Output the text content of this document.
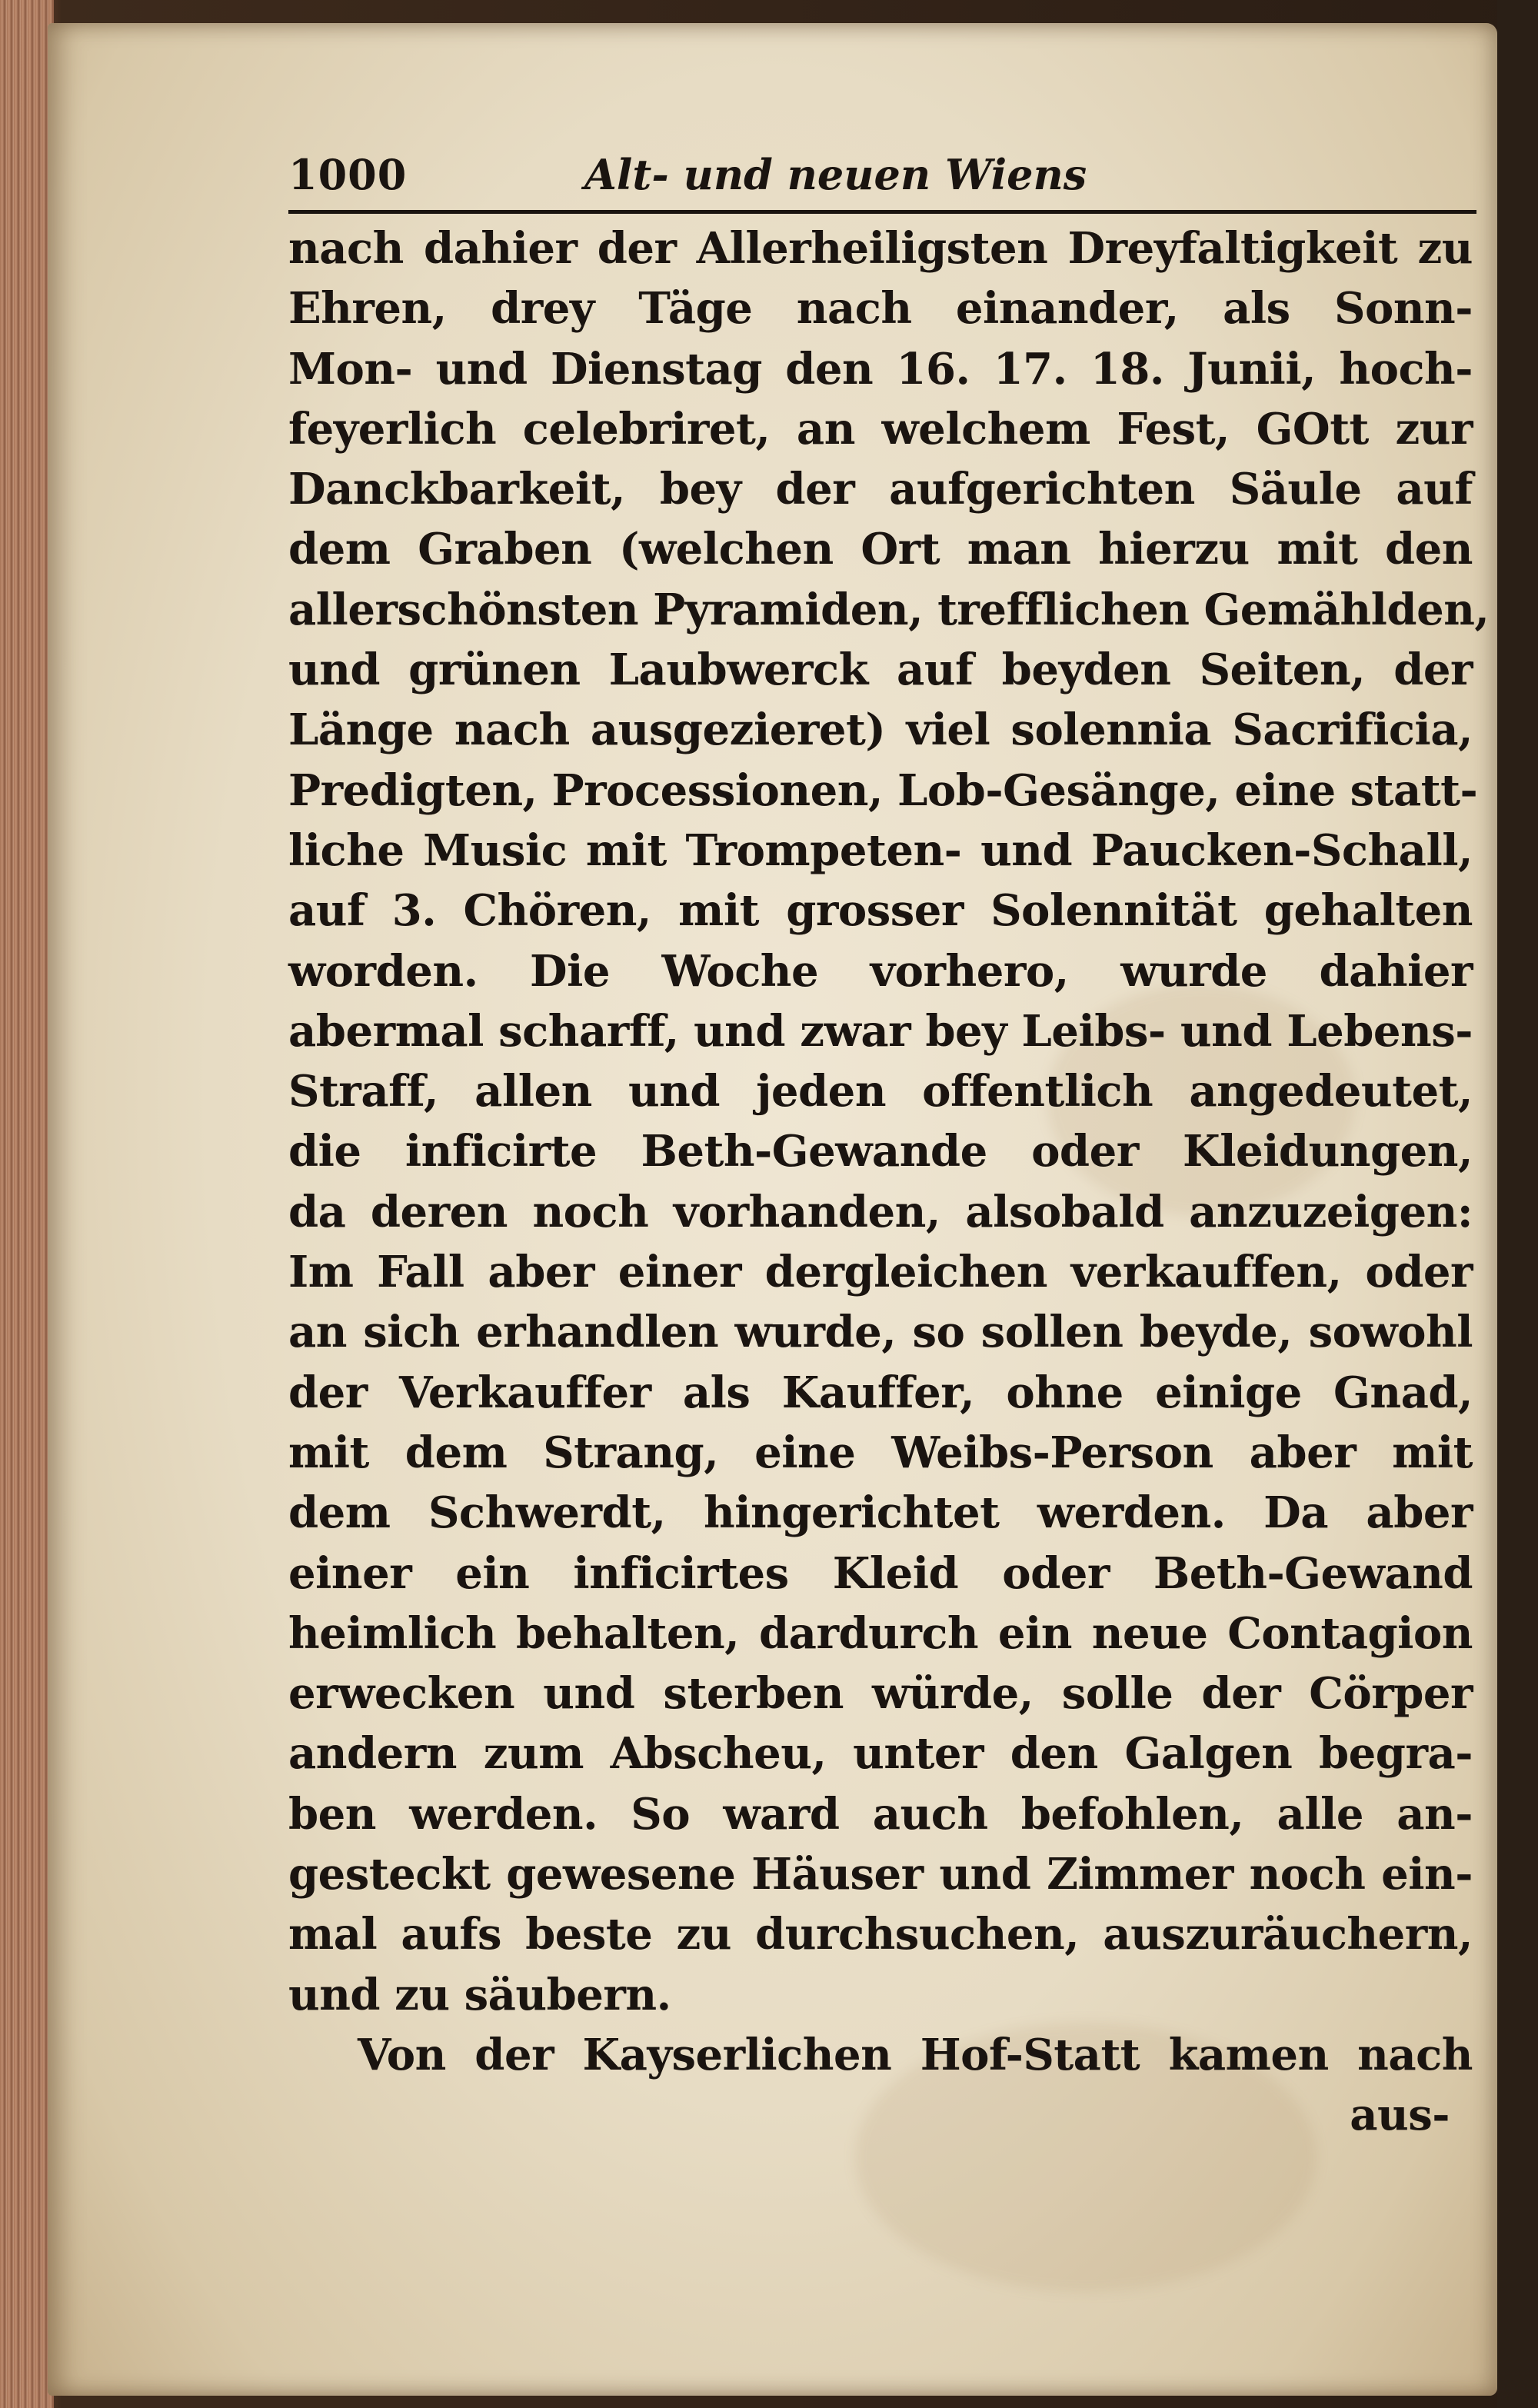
1000	Alt- und neuen Wiens
nach dahier der Allerheiligsten Dreyfaltigkeit zu
Ehren, drey Täge nach einander, als Sonn-
Mon- und Dienstag den 16. 17. 18. Junii, hoch-
feyerlich celebriret, an welchem Fest, GOtt zur
Danckbarkeit, bey der aufgerichten Säule auf
dem Graben (welchen Ort man hierzu mit den
allerschönsten Pyramiden, trefflichen Gemählden,
und grünen Laubwerck auf beyden Seiten, der
Länge nach ausgezieret) viel solennia Sacrificia,
Predigten, Processionen, Lob-Gesänge, eine statt-
liche Music mit Trompeten- und Paucken-Schall,
auf 3. Chören, mit grosser Solennität gehalten
worden. Die Woche vorhero, wurde dahier
abermal scharff, und zwar bey Leibs- und Lebens-
Straff, allen und jeden offentlich angedeutet,
die inficirte Beth-Gewande oder Kleidungen,
da deren noch vorhanden, alsobald anzuzeigen:
Im Fall aber einer dergleichen verkauffen, oder
an sich erhandlen wurde, so sollen beyde, sowohl
der Verkauffer als Kauffer, ohne einige Gnad,
mit dem Strang, eine Weibs-Person aber mit
dem Schwerdt, hingerichtet werden. Da aber
einer ein inficirtes Kleid oder Beth-Gewand
heimlich behalten, dardurch ein neue Contagion
erwecken und sterben würde, solle der Cörper
andern zum Abscheu, unter den Galgen begra-
ben werden. So ward auch befohlen, alle an-
gesteckt gewesene Häuser und Zimmer noch ein-
mal aufs beste zu durchsuchen, auszuräuchern,
und zu säubern.
Von der Kayserlichen Hof-Statt kamen nach
aus-
